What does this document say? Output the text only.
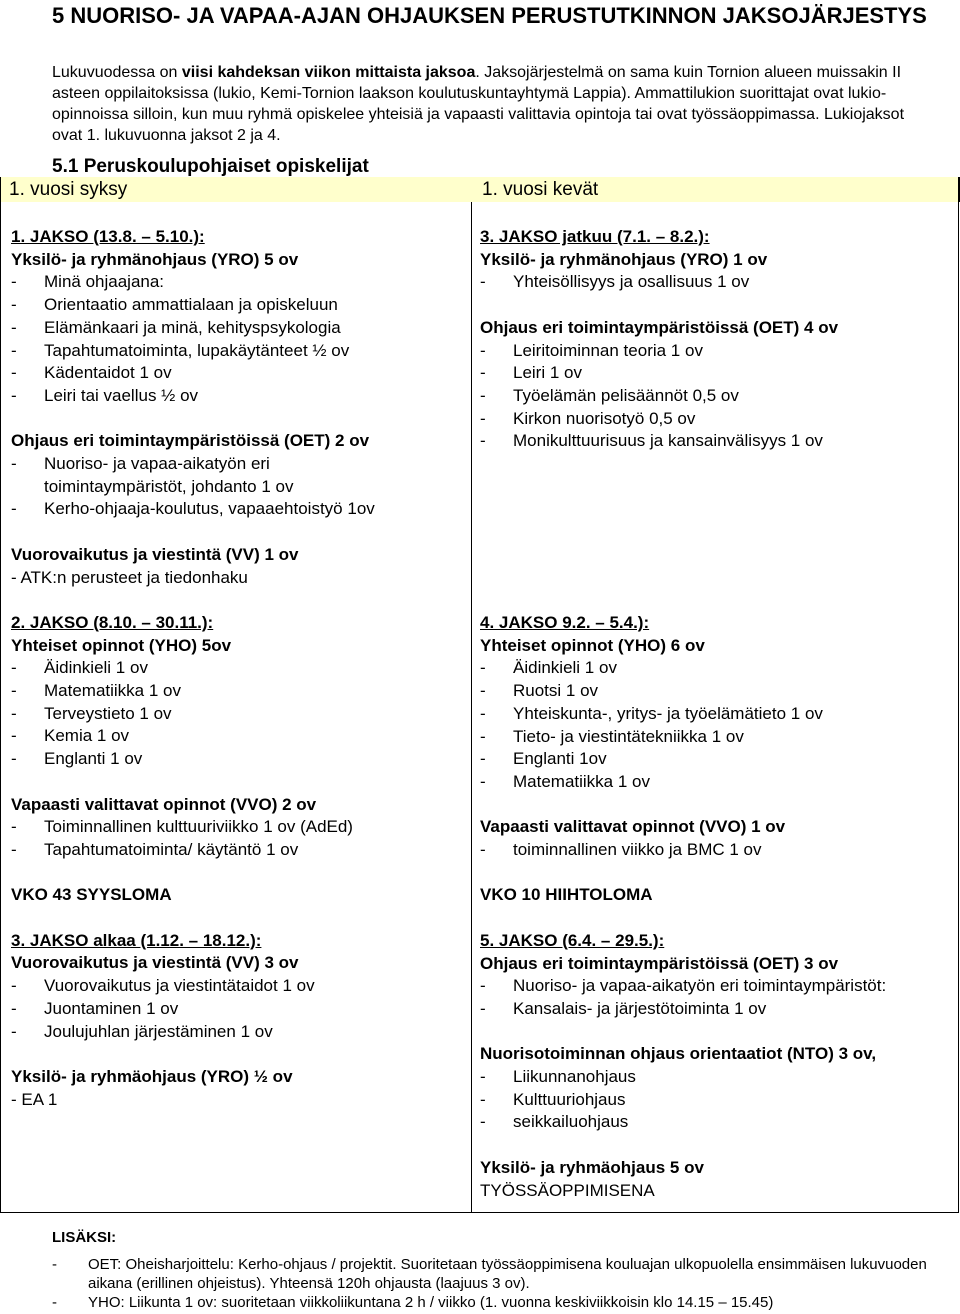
5 NUORISO- JA VAPAA-AJAN OHJAUKSEN PERUSTUTKINNON JAKSOJÄRJESTYS

Lukuvuodessa on viisi kahdeksan viikon mittaista jaksoa. Jaksojärjestelmä on sama kuin Tornion alueen muissakin II asteen oppilaitoksissa (lukio, Kemi-Tornion laakson koulutuskuntayhtymä Lappia). Ammattilukion suorittajat ovat lukio-opinnoissa silloin, kun muu ryhmä opiskelee yhteisiä ja vapaasti valittavia opintoja tai ovat työssäoppimassa. Lukiojaksot ovat 1. lukuvuonna jaksot 2 ja 4.

5.1 Peruskoulupohjaiset opiskelijat
1. vuosi syksy	1. vuosi kevät
1. JAKSO (13.8. – 5.10.):
Yksilö- ja ryhmänohjaus (YRO) 5 ov
-	Minä ohjaajana:
-	Orientaatio ammattialaan ja opiskeluun
-	Elämänkaari ja minä, kehityspsykologia
-	Tapahtumatoiminta, lupakäytänteet ½ ov
-	Kädentaidot 1 ov
-	Leiri tai vaellus ½ ov
Ohjaus eri toimintaympäristöissä (OET) 2 ov
-	Nuoriso- ja vapaa-aikatyön eri toimintaympäristöt, johdanto 1 ov
-	Kerho-ohjaaja-koulutus, vapaaehtoistyö 1ov
Vuorovaikutus ja viestintä (VV) 1 ov
- ATK:n perusteet ja tiedonhaku
2. JAKSO (8.10. – 30.11.):
Yhteiset opinnot (YHO) 5ov
-	Äidinkieli 1 ov
-	Matematiikka 1 ov
-	Terveystieto 1 ov
-	Kemia 1 ov
-	Englanti 1 ov
Vapaasti valittavat opinnot (VVO) 2 ov
-	Toiminnallinen kulttuuriviikko 1 ov (AdEd)
-	Tapahtumatoiminta/ käytäntö 1 ov
VKO 43 SYYSLOMA
3. JAKSO alkaa (1.12. – 18.12.):
Vuorovaikutus ja viestintä (VV) 3 ov
-	Vuorovaikutus ja viestintätaidot 1 ov
-	Juontaminen 1 ov
-	Joulujuhlan järjestäminen 1 ov
Yksilö- ja ryhmäohjaus (YRO) ½ ov
- EA 1
3. JAKSO jatkuu (7.1. – 8.2.):
Yksilö- ja ryhmänohjaus (YRO) 1 ov
-	Yhteisöllisyys ja osallisuus 1 ov
Ohjaus eri toimintaympäristöissä (OET) 4 ov
-	Leiritoiminnan teoria 1 ov
-	Leiri 1 ov
-	Työelämän pelisäännöt 0,5 ov
-	Kirkon nuorisotyö 0,5 ov
-	Monikulttuurisuus ja kansainvälisyys 1 ov
4. JAKSO 9.2. – 5.4.):
Yhteiset opinnot (YHO) 6 ov
-	Äidinkieli 1 ov
-	Ruotsi 1 ov
-	Yhteiskunta-, yritys- ja työelämätieto 1 ov
-	Tieto- ja viestintätekniikka 1 ov
-	Englanti 1ov
-	Matematiikka 1 ov
Vapaasti valittavat opinnot (VVO) 1 ov
-	toiminnallinen viikko ja BMC 1 ov
VKO 10 HIIHTOLOMA
5. JAKSO (6.4. – 29.5.):
Ohjaus eri toimintaympäristöissä (OET) 3 ov
-	Nuoriso- ja vapaa-aikatyön eri toimintaympäristöt:
-	Kansalais- ja järjestötoiminta 1 ov
Nuorisotoiminnan ohjaus orientaatiot (NTO) 3 ov,
-	Liikunnanohjaus
-	Kulttuuriohjaus
-	seikkailuohjaus
Yksilö- ja ryhmäohjaus 5 ov
TYÖSSÄOPPIMISENA
LISÄKSI:
-	OET: Oheisharjoittelu: Kerho-ohjaus / projektit. Suoritetaan työssäoppimisena kouluajan ulkopuolella ensimmäisen lukuvuoden aikana (erillinen ohjeistus). Yhteensä 120h ohjausta (laajuus 3 ov).
-	YHO: Liikunta 1 ov: suoritetaan viikkoliikuntana 2 h / viikko (1. vuonna keskiviikkoisin klo 14.15 – 15.45)
